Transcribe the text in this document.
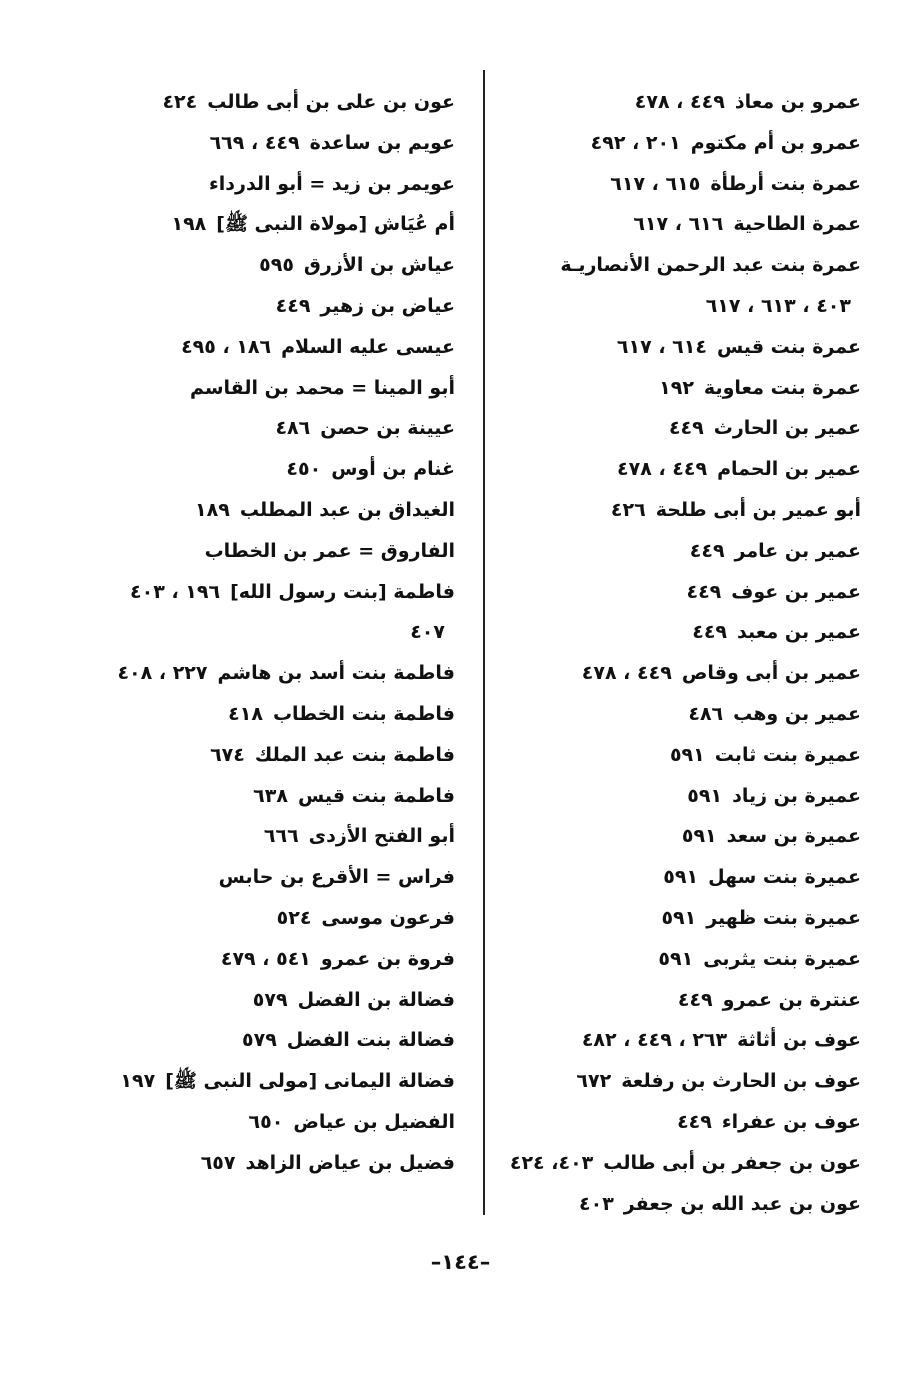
عمرو بن معاذ٤٤٩ ، ٤٧٨
عمرو بن أم مكتوم٢٠١ ، ٤٩٢
عمرة بنت أرطأة٦١٥ ، ٦١٧
عمرة الطاحية٦١٦ ، ٦١٧
عمرة بنت عبد الرحمن الأنصاريـة
٤٠٣ ، ٦١٣ ، ٦١٧
عمرة بنت قيس٦١٤ ، ٦١٧
عمرة بنت معاوية١٩٢
عمير بن الحارث٤٤٩
عمير بن الحمام٤٤٩ ، ٤٧٨
أبو عمير بن أبى طلحة٤٢٦
عمير بن عامر٤٤٩
عمير بن عوف٤٤٩
عمير بن معبد٤٤٩
عمير بن أبى وقاص٤٤٩ ، ٤٧٨
عمير بن وهب٤٨٦
عميرة بنت ثابت٥٩١
عميرة بن زياد٥٩١
عميرة بن سعد٥٩١
عميرة بنت سهل٥٩١
عميرة بنت ظهير٥٩١
عميرة بنت يثربى٥٩١
عنترة بن عمرو٤٤٩
عوف بن أثاثة٢٦٣ ، ٤٤٩ ، ٤٨٢
عوف بن الحارث بن رفلعة٦٧٢
عوف بن عفراء٤٤٩
عون بن جعفر بن أبى طالب٤٠٣، ٤٢٤
عون بن عبد الله بن جعفر٤٠٣
عون بن على بن أبى طالب٤٢٤
عويم بن ساعدة٤٤٩ ، ٦٦٩
عويمر بن زيد = أبو الدرداء
أم عُيَاش [مولاة النبى ﷺ]١٩٨
عياش بن الأزرق٥٩٥
عياض بن زهير٤٤٩
عيسى عليه السلام١٨٦ ، ٤٩٥
أبو المينا = محمد بن القاسم
عيينة بن حصن٤٨٦
غنام بن أوس٤٥٠
الغيداق بن عبد المطلب١٨٩
الفاروق = عمر بن الخطاب
فاطمة [بنت رسول الله]١٩٦ ، ٤٠٣
٤٠٧
فاطمة بنت أسد بن هاشم٢٢٧ ، ٤٠٨
فاطمة بنت الخطاب٤١٨
فاطمة بنت عبد الملك٦٧٤
فاطمة بنت قيس٦٣٨
أبو الفتح الأزدى٦٦٦
فراس = الأقرع بن حابس
فرعون موسى٥٢٤
فروة بن عمرو٥٤١ ، ٤٧٩
فضالة بن الفضل٥٧٩
فضالة بنت الفضل٥٧٩
فضالة اليمانى [مولى النبى ﷺ]١٩٧
الفضيل بن عياض٦٥٠
فضيل بن عياض الزاهد٦٥٧
–١٤٤–
